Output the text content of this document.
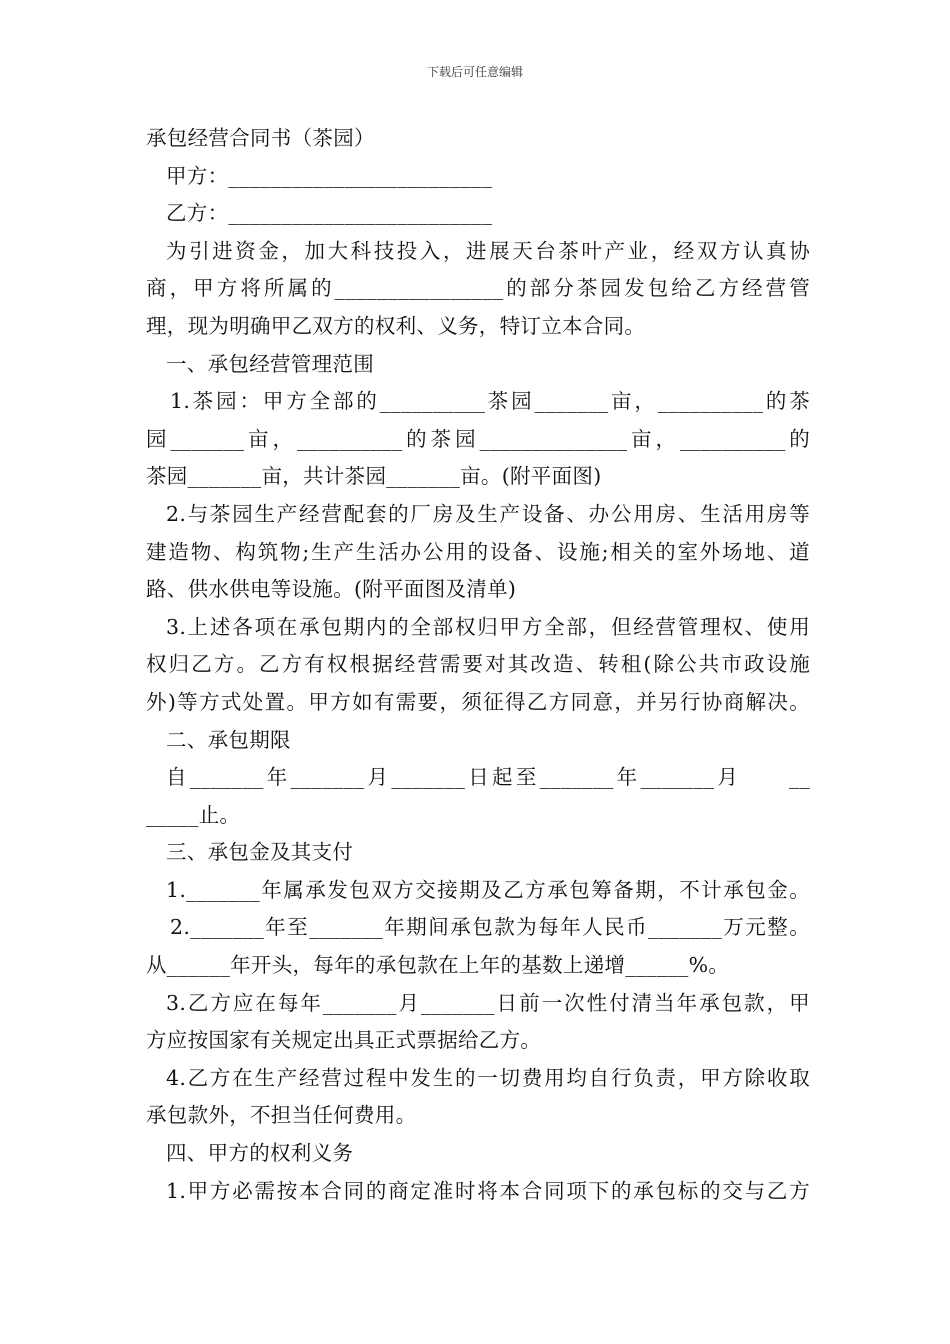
下载后可任意编辑
承包经营合同书（茶园）
甲方：_________________________
乙方：_________________________
为引进资金，加大科技投入，进展天台茶叶产业，经双方认真协
商，甲方将所属的________________的部分茶园发包给乙方经营管
理，现为明确甲乙双方的权利、义务，特订立本合同。
一、承包经营管理范围
1.茶园：甲方全部的__________茶园_______亩，__________的茶
园_______亩，__________的茶园______________亩，__________的
茶园_______亩，共计茶园_______亩。(附平面图)
2.与茶园生产经营配套的厂房及生产设备、办公用房、生活用房等
建造物、构筑物;生产生活办公用的设备、设施;相关的室外场地、道
路、供水供电等设施。(附平面图及清单)
3.上述各项在承包期内的全部权归甲方全部，但经营管理权、使用
权归乙方。乙方有权根据经营需要对其改造、转租(除公共市政设施
外)等方式处置。甲方如有需要，须征得乙方同意，并另行协商解决。
二、承包期限
自_______年_______月_______日起至_______年_______月　　__
_____止。
三、承包金及其支付
1._______年属承发包双方交接期及乙方承包筹备期，不计承包金。
2._______年至_______年期间承包款为每年人民币_______万元整。
从______年开头，每年的承包款在上年的基数上递增______%。
3.乙方应在每年_______月_______日前一次性付清当年承包款，甲
方应按国家有关规定出具正式票据给乙方。
4.乙方在生产经营过程中发生的一切费用均自行负责，甲方除收取
承包款外，不担当任何费用。
四、甲方的权利义务
1.甲方必需按本合同的商定准时将本合同项下的承包标的交与乙方
